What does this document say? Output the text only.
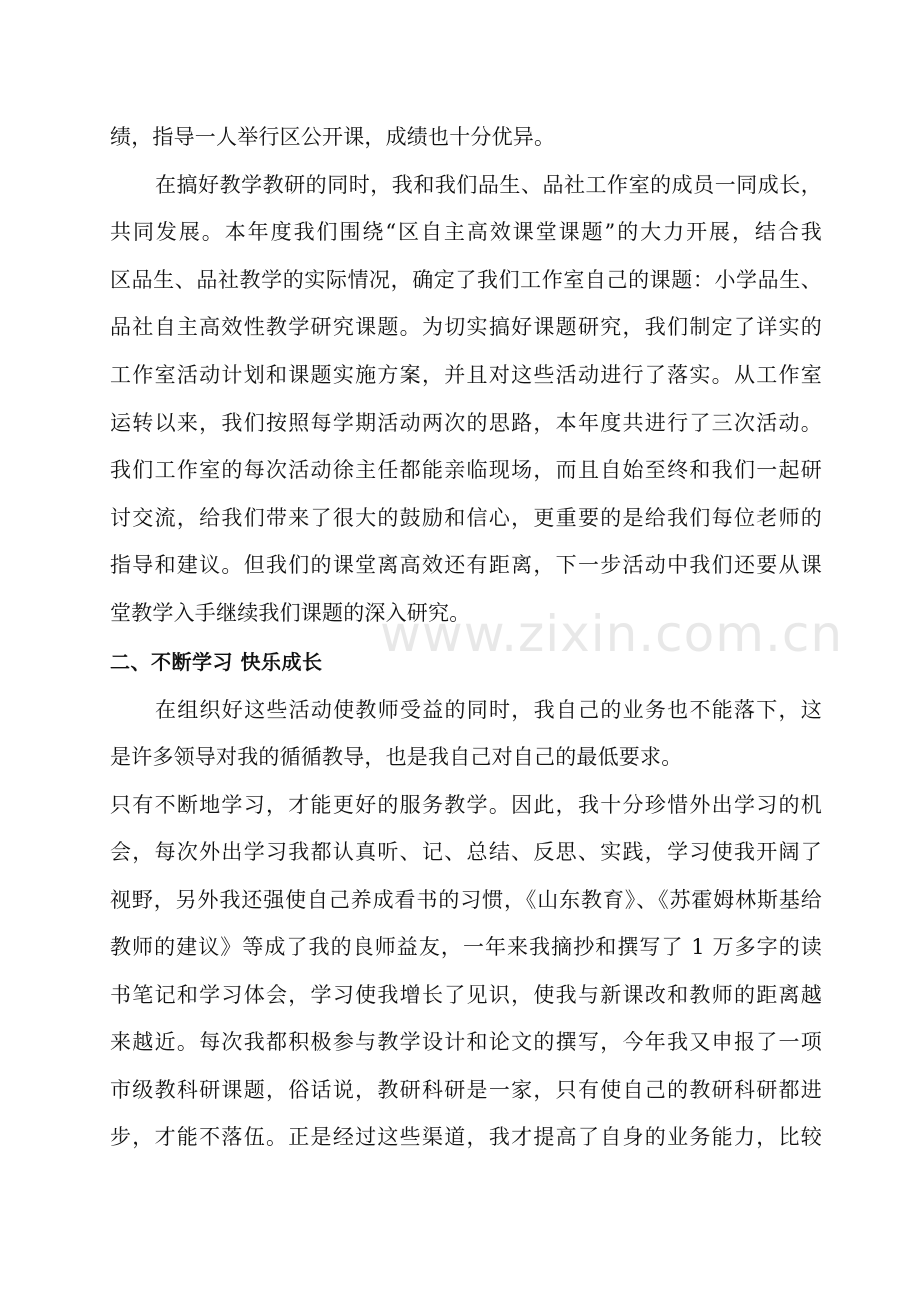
www.zixin.com.cn
绩，指导一人举行区公开课，成绩也十分优异。
在搞好教学教研的同时，我和我们品生、品社工作室的成员一同成长，
共同发展。本年度我们围绕“区自主高效课堂课题”的大力开展，结合我
区品生、品社教学的实际情况，确定了我们工作室自己的课题：小学品生、
品社自主高效性教学研究课题。为切实搞好课题研究，我们制定了详实的
工作室活动计划和课题实施方案，并且对这些活动进行了落实。从工作室
运转以来，我们按照每学期活动两次的思路，本年度共进行了三次活动。
我们工作室的每次活动徐主任都能亲临现场，而且自始至终和我们一起研
讨交流，给我们带来了很大的鼓励和信心，更重要的是给我们每位老师的
指导和建议。但我们的课堂离高效还有距离，下一步活动中我们还要从课
堂教学入手继续我们课题的深入研究。
二、不断学习 快乐成长
在组织好这些活动使教师受益的同时，我自己的业务也不能落下，这
是许多领导对我的循循教导，也是我自己对自己的最低要求。
只有不断地学习，才能更好的服务教学。因此，我十分珍惜外出学习的机
会，每次外出学习我都认真听、记、总结、反思、实践，学习使我开阔了
视野，另外我还强使自己养成看书的习惯，《山东教育》、《苏霍姆林斯基给
教师的建议》等成了我的良师益友，一年来我摘抄和撰写了 1 万多字的读
书笔记和学习体会，学习使我增长了见识，使我与新课改和教师的距离越
来越近。每次我都积极参与教学设计和论文的撰写，今年我又申报了一项
市级教科研课题，俗话说，教研科研是一家，只有使自己的教研科研都进
步，才能不落伍。正是经过这些渠道，我才提高了自身的业务能力，比较
